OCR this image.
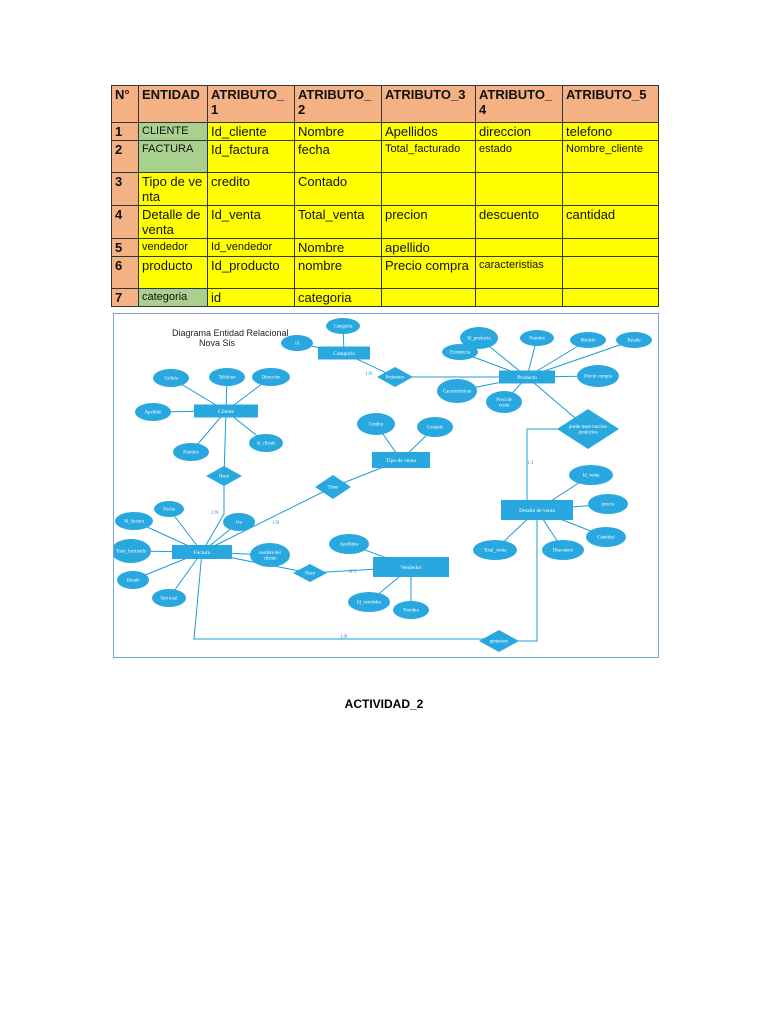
N°	ENTIDAD	ATRIBUTO_1	ATRIBUTO_2	ATRIBUTO_3	ATRIBUTO_4	ATRIBUTO_5
1	CLIENTE	Id_cliente	Nombre	Apellidos	direccion	telefono
2	FACTURA	Id_factura	fecha	Total_facturado	estado	Nombre_cliente
3	Tipo de venta	credito	Contado			
4	Detalle de venta	Id_venta	Total_venta	precion	descuento	cantidad
5	vendedor	Id_vendedor	Nombre	apellido		
6	producto	Id_producto	nombre	Precio compra	caracteristias	
7	categoria	id	categoria			
Diagrama Entidad Relacional
Nova Sis
1:N
1:1
1:N
1:N
N:1
1:N
Categoria
Producto
Cliente
Tipo de venta
Factura
Vendedor
Detalle de venta
Pertenece
puede tener muchos productos
Hace
Tiene
Hace
pertenece
Categoria
id
Id_producto	Nombre	Modelo	Estado
Existencia
Precio compra
Caracteristicas
Preci de venta
Cedula	Telefono	Direccion
Apellido
Nombre
id_cliente
Credito
Contado
Id_venta
precio
Cantidad
Total_venta	Descuento
Fecha
Id_factura
Total_facturado
Estado
Sub total
Iva
nombre del cliente
Apellidos
Id_vendedor
Nombre
ACTIVIDAD_2
